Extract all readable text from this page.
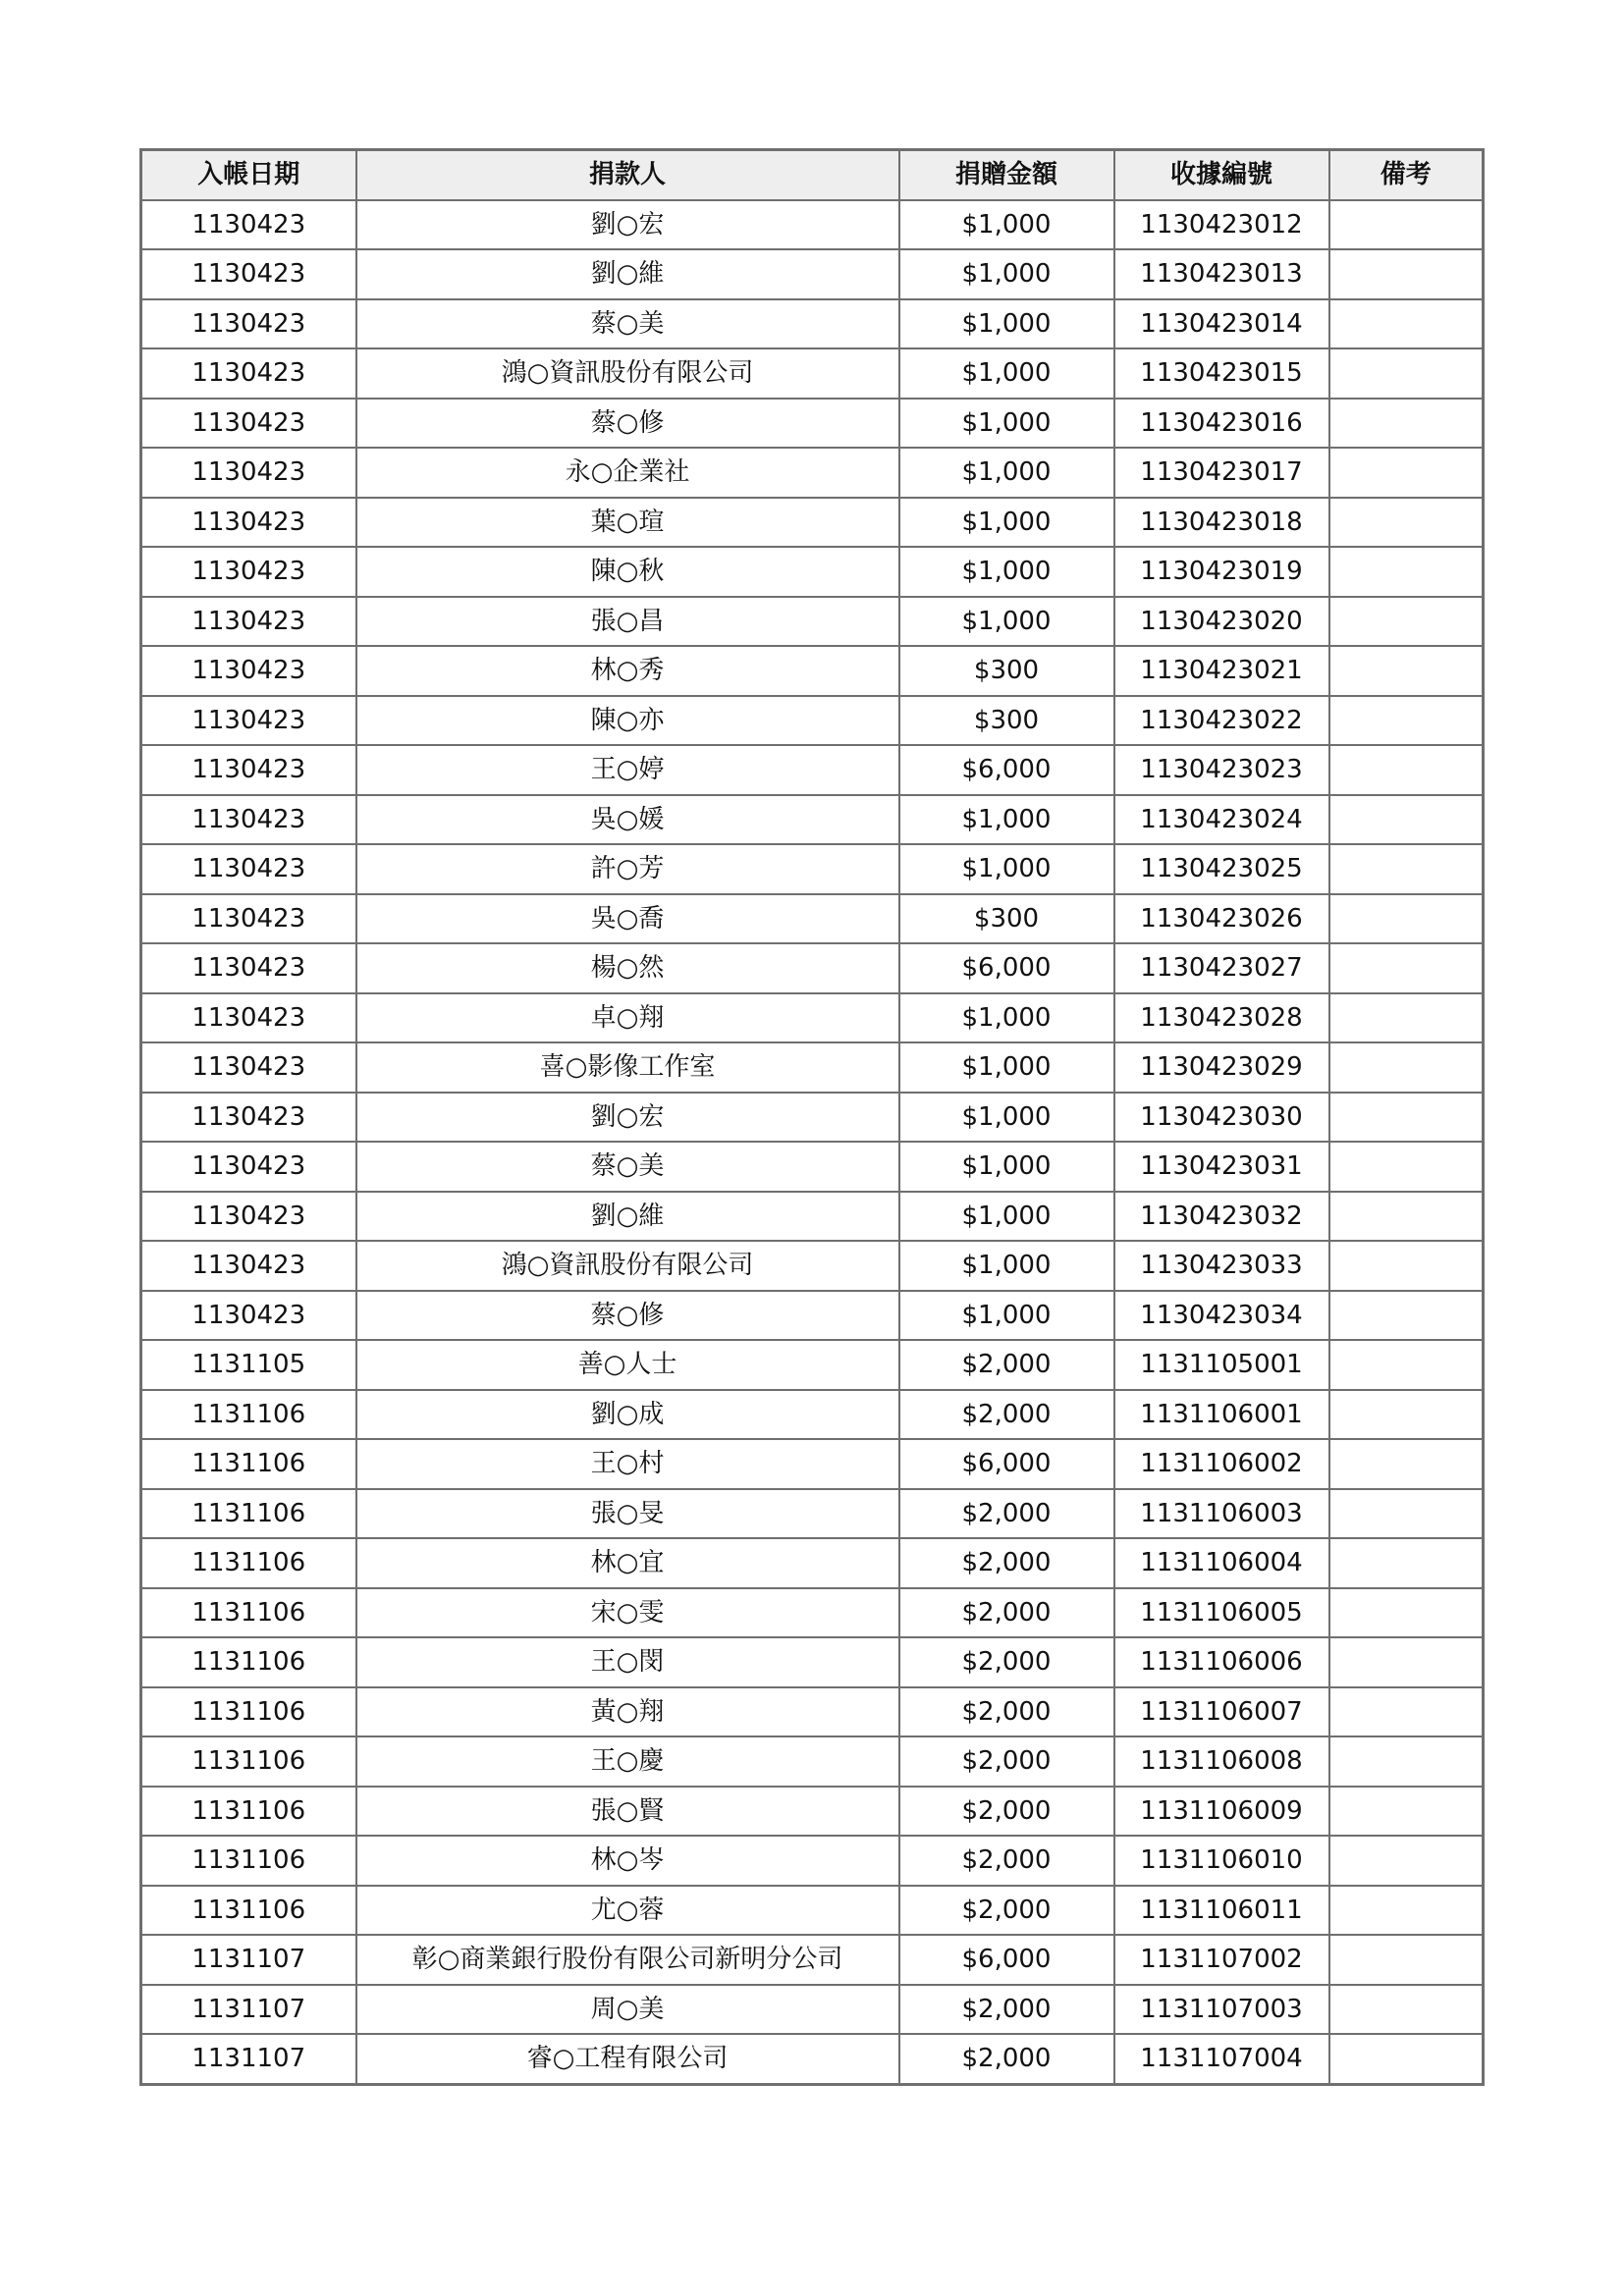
入帳日期	捐款人	捐贈金額	收據編號	備考
1130423	劉○宏	$1,000	1130423012	
1130423	劉○維	$1,000	1130423013	
1130423	蔡○美	$1,000	1130423014	
1130423	鴻○資訊股份有限公司	$1,000	1130423015	
1130423	蔡○修	$1,000	1130423016	
1130423	永○企業社	$1,000	1130423017	
1130423	葉○瑄	$1,000	1130423018	
1130423	陳○秋	$1,000	1130423019	
1130423	張○昌	$1,000	1130423020	
1130423	林○秀	$300	1130423021	
1130423	陳○亦	$300	1130423022	
1130423	王○婷	$6,000	1130423023	
1130423	吳○媛	$1,000	1130423024	
1130423	許○芳	$1,000	1130423025	
1130423	吳○喬	$300	1130423026	
1130423	楊○然	$6,000	1130423027	
1130423	卓○翔	$1,000	1130423028	
1130423	喜○影像工作室	$1,000	1130423029	
1130423	劉○宏	$1,000	1130423030	
1130423	蔡○美	$1,000	1130423031	
1130423	劉○維	$1,000	1130423032	
1130423	鴻○資訊股份有限公司	$1,000	1130423033	
1130423	蔡○修	$1,000	1130423034	
1131105	善○人士	$2,000	1131105001	
1131106	劉○成	$2,000	1131106001	
1131106	王○村	$6,000	1131106002	
1131106	張○旻	$2,000	1131106003	
1131106	林○宜	$2,000	1131106004	
1131106	宋○雯	$2,000	1131106005	
1131106	王○閔	$2,000	1131106006	
1131106	黃○翔	$2,000	1131106007	
1131106	王○慶	$2,000	1131106008	
1131106	張○賢	$2,000	1131106009	
1131106	林○岑	$2,000	1131106010	
1131106	尤○蓉	$2,000	1131106011	
1131107	彰○商業銀行股份有限公司新明分公司	$6,000	1131107002	
1131107	周○美	$2,000	1131107003	
1131107	睿○工程有限公司	$2,000	1131107004	
